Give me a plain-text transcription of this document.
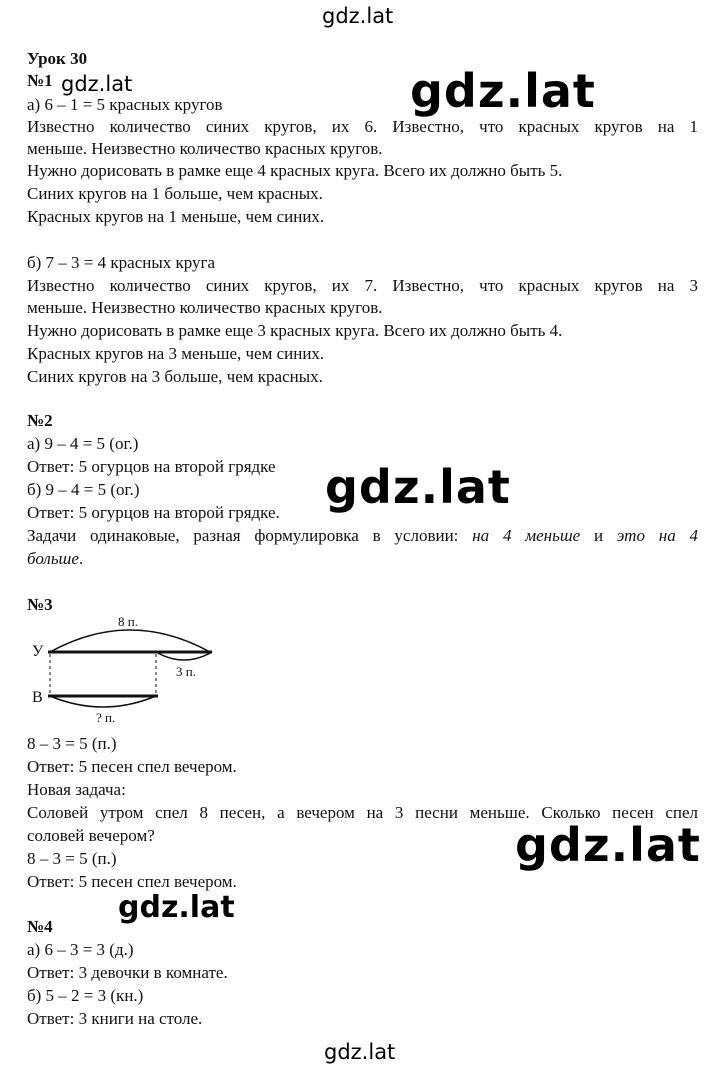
gdz.lat
gdz.lat	gdz.lat
gdz.lat
gdz.lat
gdz.lat
gdz.lat
Урок 30
№1
а) 6 – 1 = 5 красных кругов
Известно количество синих кругов, их 6. Известно, что красных кругов на 1
меньше. Неизвестно количество красных кругов.
Нужно дорисовать в рамке еще 4 красных круга. Всего их должно быть 5.
Синих кругов на 1 больше, чем красных.
Красных кругов на 1 меньше, чем синих.
б) 7 – 3 = 4 красных круга
Известно количество синих кругов, их 7. Известно, что красных кругов на 3
меньше. Неизвестно количество красных кругов.
Нужно дорисовать в рамке еще 3 красных круга. Всего их должно быть 4.
Красных кругов на 3 меньше, чем синих.
Синих кругов на 3 больше, чем красных.
№2
а) 9 – 4 = 5 (ог.)
Ответ: 5 огурцов на второй грядке
б) 9 – 4 = 5 (ог.)
Ответ: 5 огурцов на второй грядке.
Задачи одинаковые, разная формулировка в условии: на 4 меньше и это на 4
больше.
№3
8 п.
У
3 п.
В
? п.
8 – 3 = 5 (п.)
Ответ: 5 песен спел вечером.
Новая задача:
Соловей утром спел 8 песен, а вечером на 3 песни меньше. Сколько песен спел
соловей вечером?
8 – 3 = 5 (п.)
Ответ: 5 песен спел вечером.
№4
а) 6 – 3 = 3 (д.)
Ответ: 3 девочки в комнате.
б) 5 – 2 = 3 (кн.)
Ответ: 3 книги на столе.
